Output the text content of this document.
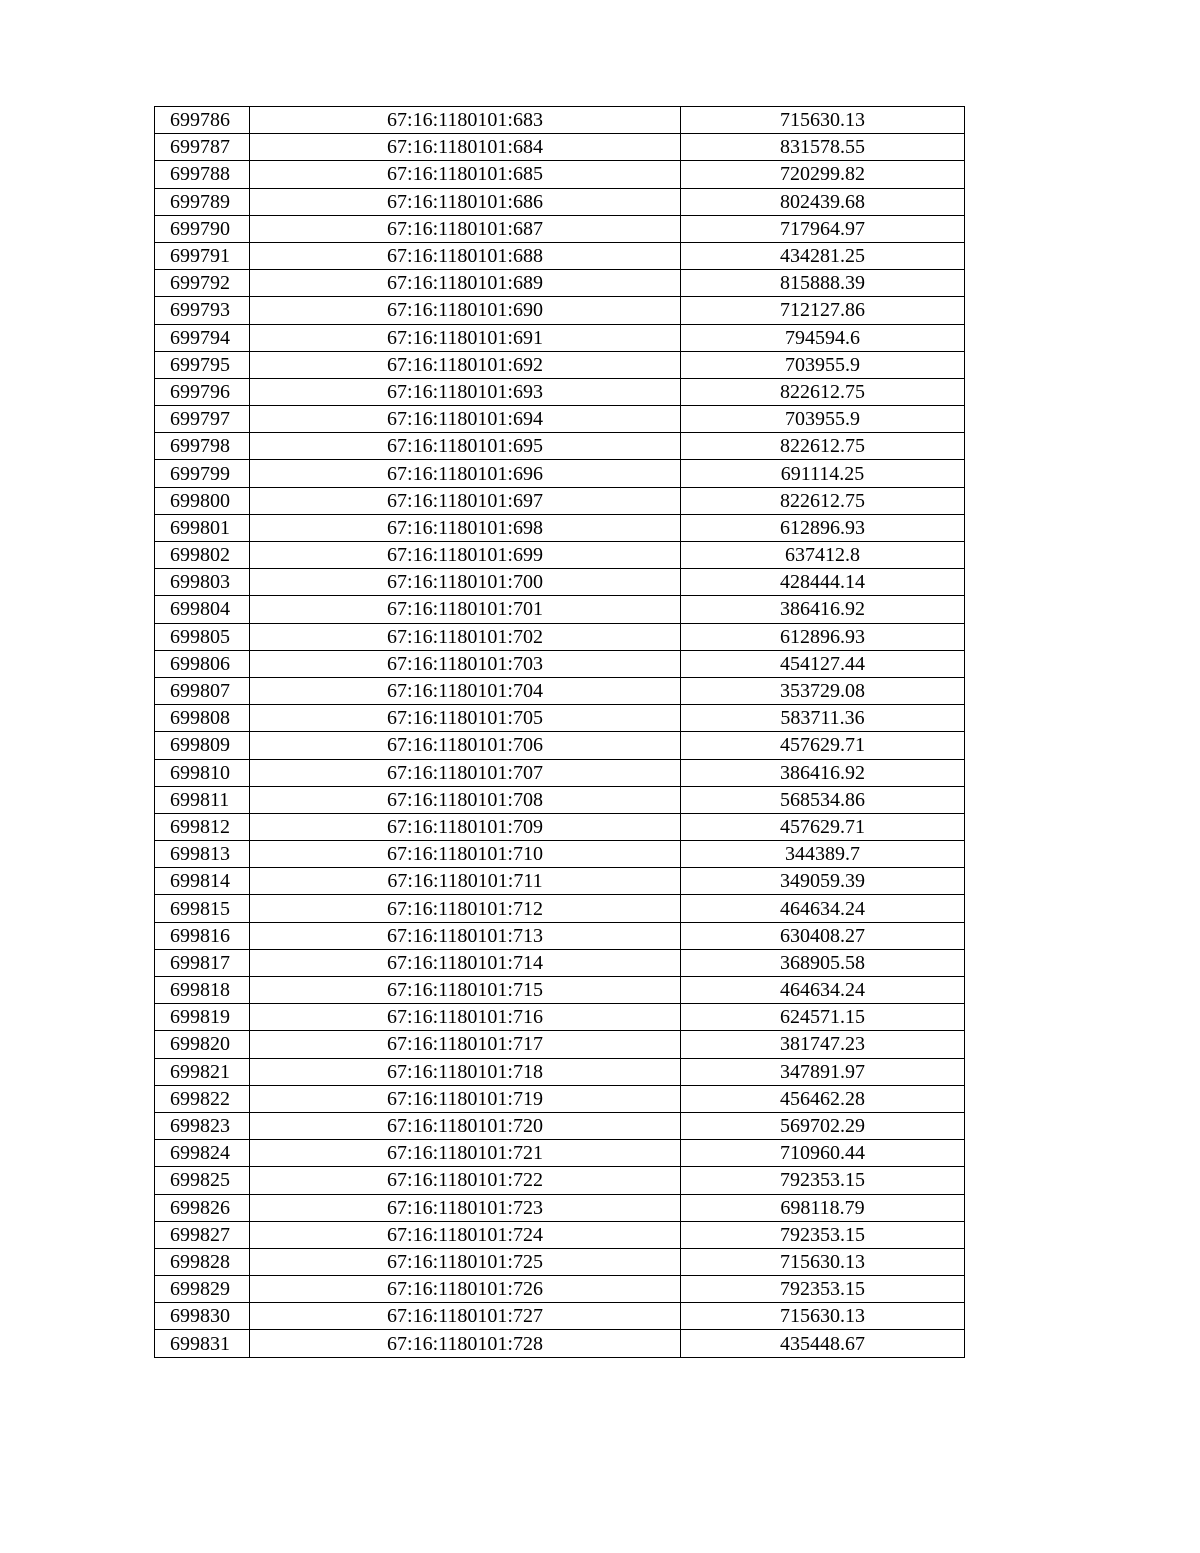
699786	67:16:1180101:683	715630.13
699787	67:16:1180101:684	831578.55
699788	67:16:1180101:685	720299.82
699789	67:16:1180101:686	802439.68
699790	67:16:1180101:687	717964.97
699791	67:16:1180101:688	434281.25
699792	67:16:1180101:689	815888.39
699793	67:16:1180101:690	712127.86
699794	67:16:1180101:691	794594.6
699795	67:16:1180101:692	703955.9
699796	67:16:1180101:693	822612.75
699797	67:16:1180101:694	703955.9
699798	67:16:1180101:695	822612.75
699799	67:16:1180101:696	691114.25
699800	67:16:1180101:697	822612.75
699801	67:16:1180101:698	612896.93
699802	67:16:1180101:699	637412.8
699803	67:16:1180101:700	428444.14
699804	67:16:1180101:701	386416.92
699805	67:16:1180101:702	612896.93
699806	67:16:1180101:703	454127.44
699807	67:16:1180101:704	353729.08
699808	67:16:1180101:705	583711.36
699809	67:16:1180101:706	457629.71
699810	67:16:1180101:707	386416.92
699811	67:16:1180101:708	568534.86
699812	67:16:1180101:709	457629.71
699813	67:16:1180101:710	344389.7
699814	67:16:1180101:711	349059.39
699815	67:16:1180101:712	464634.24
699816	67:16:1180101:713	630408.27
699817	67:16:1180101:714	368905.58
699818	67:16:1180101:715	464634.24
699819	67:16:1180101:716	624571.15
699820	67:16:1180101:717	381747.23
699821	67:16:1180101:718	347891.97
699822	67:16:1180101:719	456462.28
699823	67:16:1180101:720	569702.29
699824	67:16:1180101:721	710960.44
699825	67:16:1180101:722	792353.15
699826	67:16:1180101:723	698118.79
699827	67:16:1180101:724	792353.15
699828	67:16:1180101:725	715630.13
699829	67:16:1180101:726	792353.15
699830	67:16:1180101:727	715630.13
699831	67:16:1180101:728	435448.67
